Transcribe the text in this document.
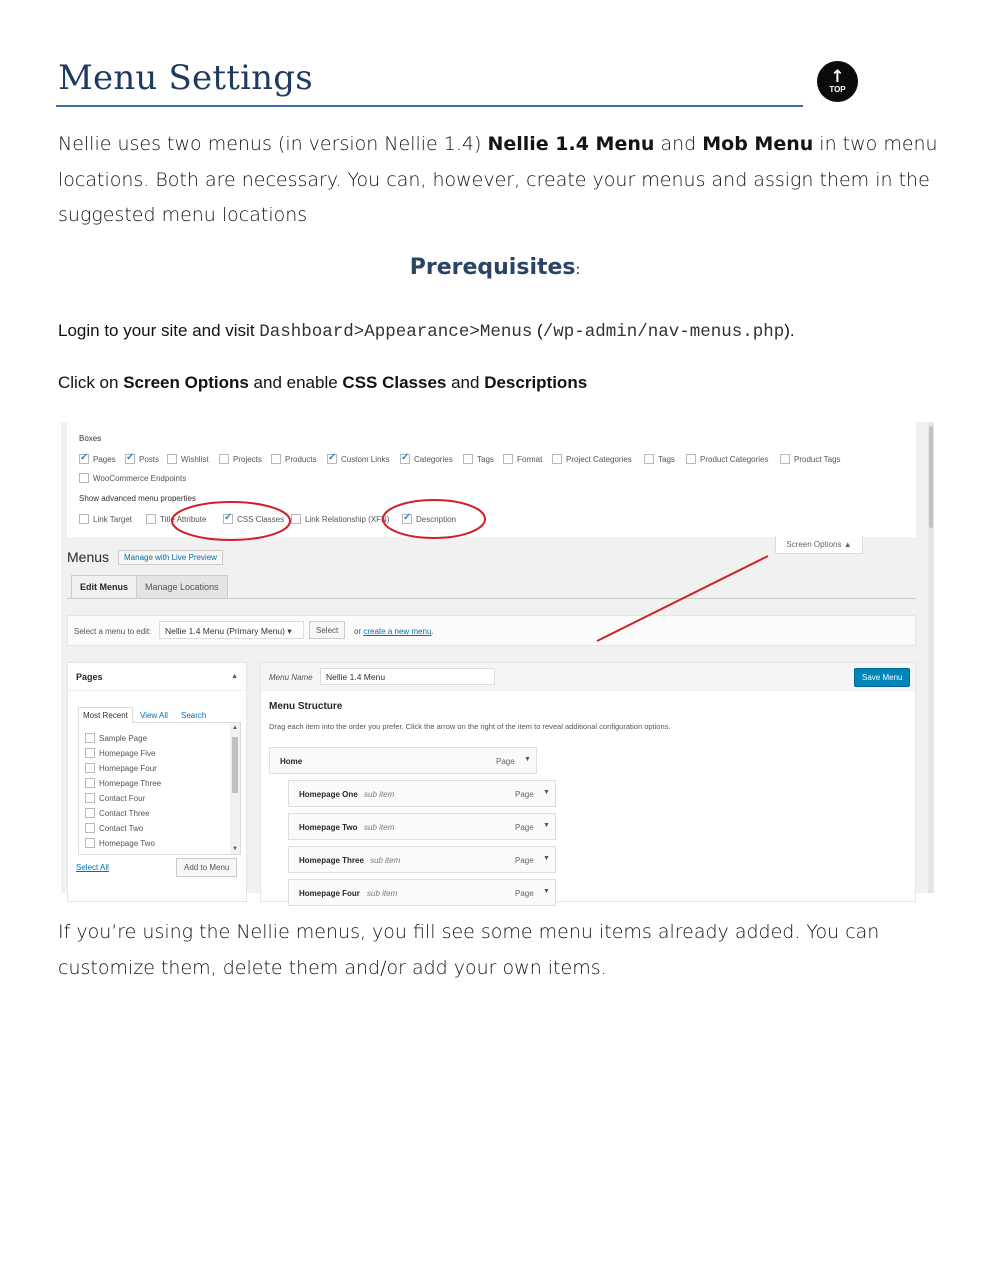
Menu Settings	↑
TOP
Nellie uses two menus (in version Nellie 1.4) Nellie 1.4 Menu and Mob Menu in two menu locations. Both are necessary. You can, however, create your menus and assign them in the suggested menu locations
Prerequisites:
Login to your site and visit Dashboard>Appearance>Menus (/wp-admin/nav-menus.php).
Click on Screen Options and enable CSS Classes and Descriptions
Boxes
✓
Pages ✓	Posts	Wishlist	Projects	Products ✓	Custom Links ✓	Categories	Tags	Format	Project Categories	Tags	Product Categories	Product Tags
WooCommerce Endpoints
Show advanced menu properties
Link Target	Title Attribute ✓	CSS Classes	Link Relationship (XFN) ✓	Description
Screen Options ▲
Menus	Manage with Live Preview
Edit Menus	Manage Locations
Select a menu to edit:	Nellie 1.4 Menu (Primary Menu) ▾	Select	or create a new menu.
Pages	▲
Most Recent	View All Search
Sample Page
Homepage Five
Homepage Four
Homepage Three
Contact Four
Contact Three
Contact Two
Homepage Two
▲
▼
Select All	Add to Menu
Menu Name	Nellie 1.4 Menu	Save Menu
Menu Structure
Drag each item into the order you prefer. Click the arrow on the right of the item to reveal additional configuration options.
Home	Page ▼
Homepage One sub item	Page ▼
Homepage Two sub item	Page ▼
Homepage Three sub item	Page ▼
Homepage Four sub item	Page ▼
If you’re using the Nellie menus, you fill see some menu items already added. You can customize them, delete them and/or add your own items.
